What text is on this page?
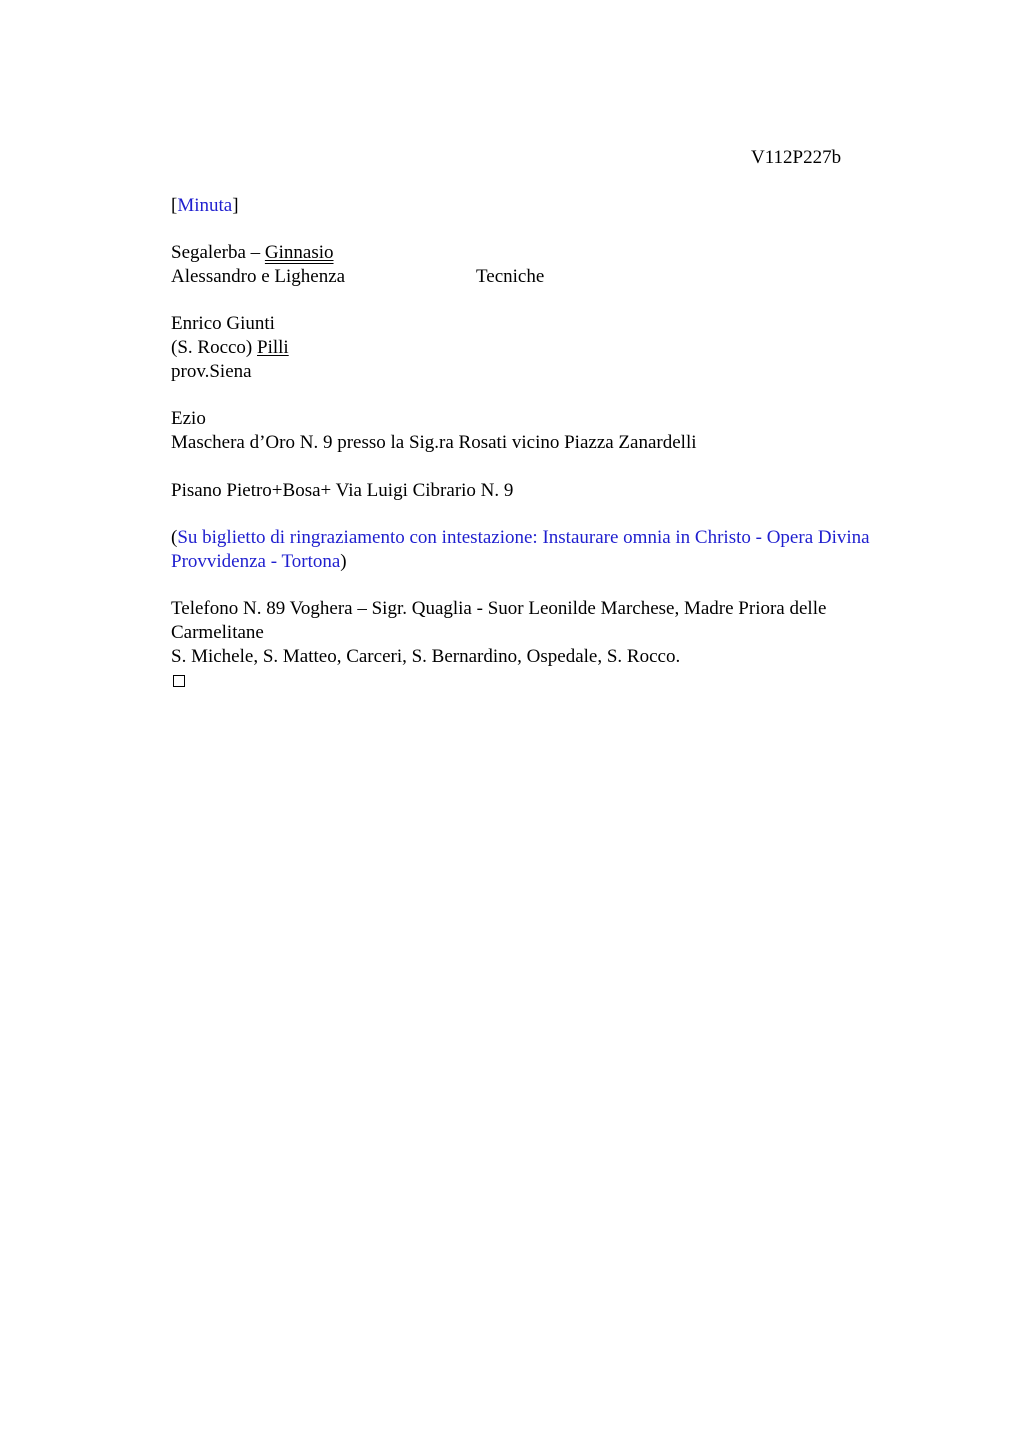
V112P227b
[Minuta]
Segalerba – Ginnasio
Alessandro e Lighenza	Tecniche
Enrico Giunti
(S. Rocco) Pilli
prov.Siena
Ezio
Maschera d’Oro N. 9 presso la Sig.ra Rosati vicino Piazza Zanardelli
Pisano Pietro+Bosa+ Via Luigi Cibrario N. 9
(Su biglietto di ringraziamento con intestazione: Instaurare omnia in Christo - Opera Divina Provvidenza - Tortona)
Telefono N. 89 Voghera – Sigr. Quaglia - Suor Leonilde Marchese, Madre Priora delle Carmelitane
S. Michele, S. Matteo, Carceri, S. Bernardino, Ospedale, S. Rocco.
